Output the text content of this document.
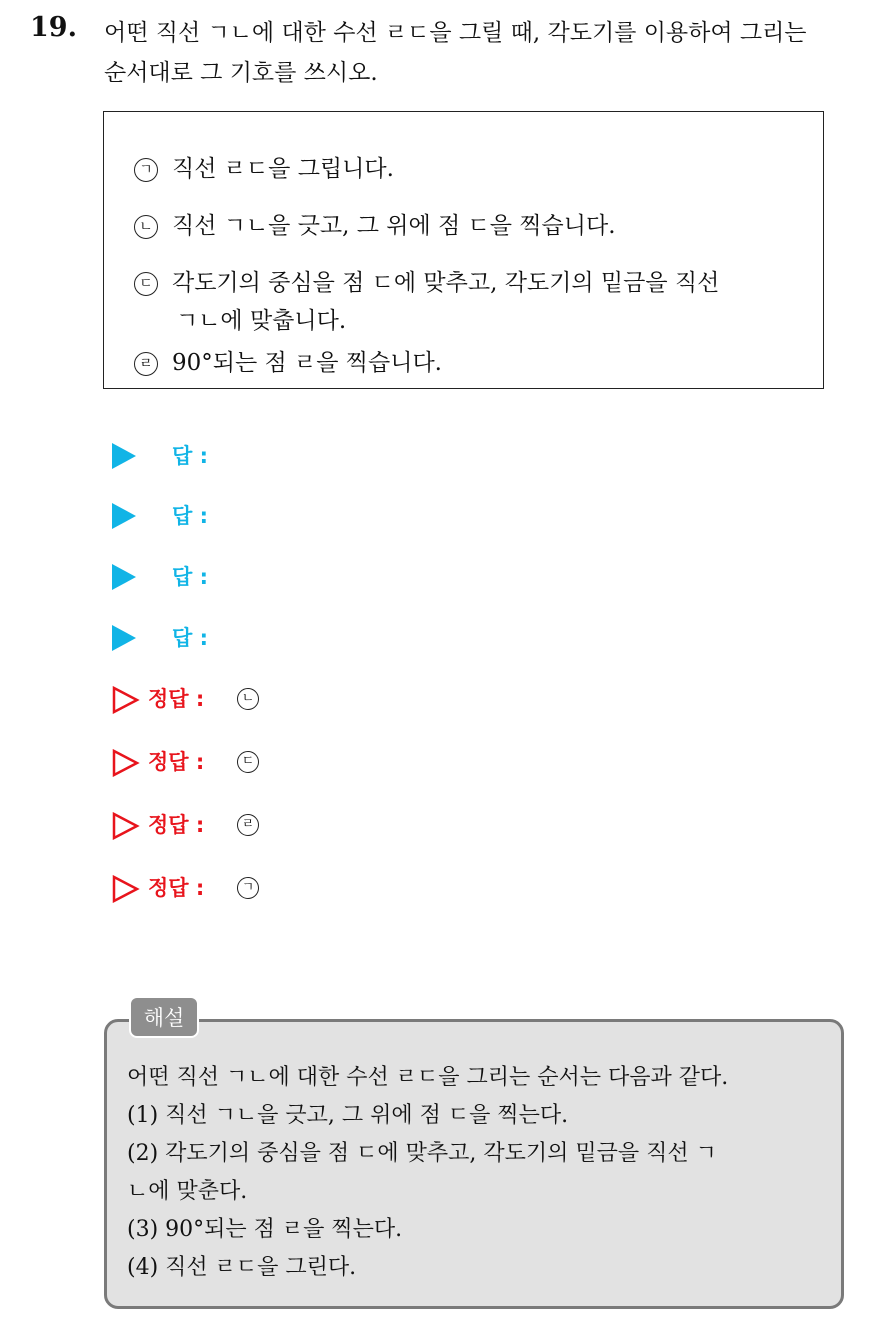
19. 어떤 직선 ㄱㄴ에 대한 수선 ㄹㄷ을 그릴 때, 각도기를 이용하여 그리는
순서대로 그 기호를 쓰시오.
ㄱ 직선 ㄹㄷ을 그립니다.
ㄴ 직선 ㄱㄴ을 긋고, 그 위에 점 ㄷ을 찍습니다.
ㄷ 각도기의 중심을 점 ㄷ에 맞추고, 각도기의 밑금을 직선
ㄱㄴ에 맞춥니다.
ㄹ 90°되는 점 ㄹ을 찍습니다.
답 :
답 :
답 :
답 :
정답 :	ㄴ
정답 :	ㄷ
정답 :	ㄹ
정답 :	ㄱ
어떤 직선 ㄱㄴ에 대한 수선 ㄹㄷ을 그리는 순서는 다음과 같다.
(1) 직선 ㄱㄴ을 긋고, 그 위에 점 ㄷ을 찍는다.
(2) 각도기의 중심을 점 ㄷ에 맞추고, 각도기의 밑금을 직선 ㄱ
ㄴ에 맞춘다.
(3) 90°되는 점 ㄹ을 찍는다.
(4) 직선 ㄹㄷ을 그린다.
해설
